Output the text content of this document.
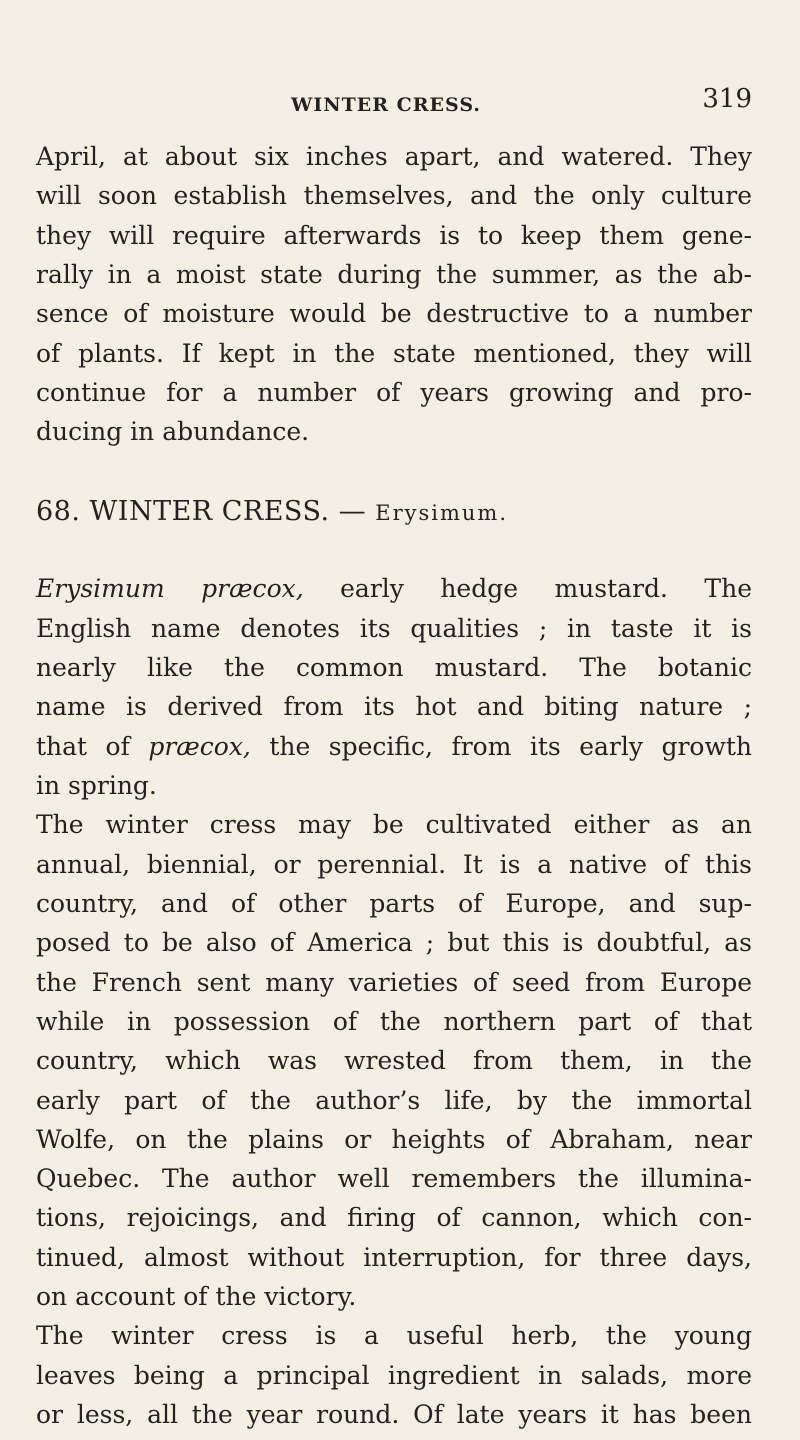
WINTER CRESS.	319
April, at about six inches apart, and watered. They
will soon establish themselves, and the only culture
they will require afterwards is to keep them gene-
rally in a moist state during the summer, as the ab-
sence of moisture would be destructive to a number
of plants. If kept in the state mentioned, they will
continue for a number of years growing and pro-
ducing in abundance.
68. WINTER CRESS. — Erysimum.
Erysimum præcox, early hedge mustard. The
English name denotes its qualities ; in taste it is
nearly like the common mustard. The botanic
name is derived from its hot and biting nature ;
that of præcox, the specific, from its early growth
in spring.
The winter cress may be cultivated either as an
annual, biennial, or perennial. It is a native of this
country, and of other parts of Europe, and sup-
posed to be also of America ; but this is doubtful, as
the French sent many varieties of seed from Europe
while in possession of the northern part of that
country, which was wrested from them, in the
early part of the author’s life, by the immortal
Wolfe, on the plains or heights of Abraham, near
Quebec. The author well remembers the illumina-
tions, rejoicings, and firing of cannon, which con-
tinued, almost without interruption, for three days,
on account of the victory.
The winter cress is a useful herb, the young
leaves being a principal ingredient in salads, more
or less, all the year round. Of late years it has been
